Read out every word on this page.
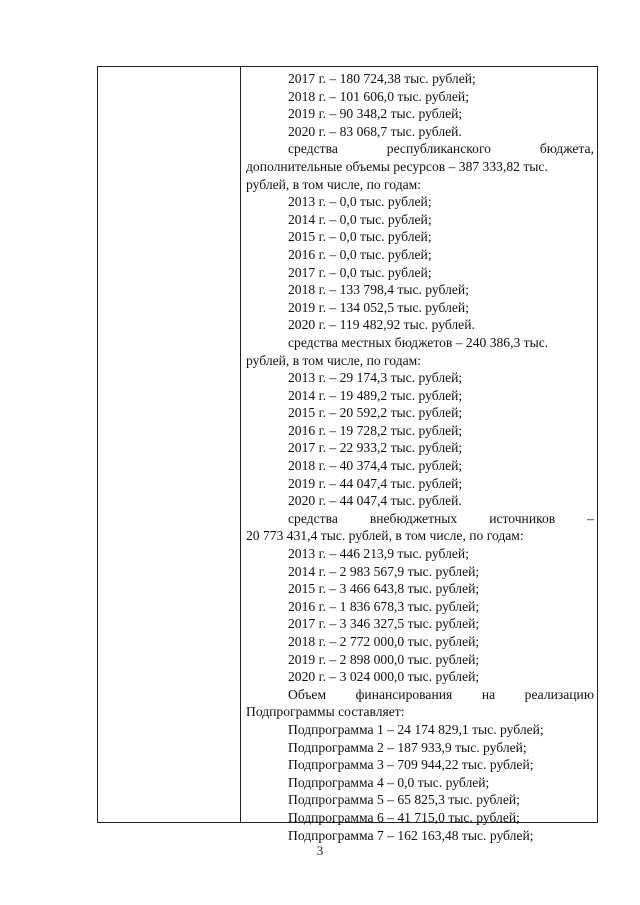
2017 г. – 180 724,38 тыс. рублей;
2018 г. – 101 606,0 тыс. рублей;
2019 г. – 90 348,2 тыс. рублей;
2020 г. – 83 068,7 тыс. рублей.
средства	республиканского	бюджета,
дополнительные объемы ресурсов – 387 333,82 тыс.
рублей, в том числе, по годам:
2013 г. – 0,0 тыс. рублей;
2014 г. – 0,0 тыс. рублей;
2015 г. – 0,0 тыс. рублей;
2016 г. – 0,0 тыс. рублей;
2017 г. – 0,0 тыс. рублей;
2018 г. – 133 798,4 тыс. рублей;
2019 г. – 134 052,5 тыс. рублей;
2020 г. – 119 482,92 тыс. рублей.
средства местных бюджетов – 240 386,3 тыс.
рублей, в том числе, по годам:
2013 г. – 29 174,3 тыс. рублей;
2014 г. – 19 489,2 тыс. рублей;
2015 г. – 20 592,2 тыс. рублей;
2016 г. – 19 728,2 тыс. рублей;
2017 г. – 22 933,2 тыс. рублей;
2018 г. – 40 374,4 тыс. рублей;
2019 г. – 44 047,4 тыс. рублей;
2020 г. – 44 047,4 тыс. рублей.
средства внебюджетных источников –
20 773 431,4 тыс. рублей, в том числе, по годам:
2013 г. – 446 213,9 тыс. рублей;
2014 г. – 2 983 567,9 тыс. рублей;
2015 г. – 3 466 643,8 тыс. рублей;
2016 г. – 1 836 678,3 тыс. рублей;
2017 г. – 3 346 327,5 тыс. рублей;
2018 г. – 2 772 000,0 тыс. рублей;
2019 г. – 2 898 000,0 тыс. рублей;
2020 г. – 3 024 000,0 тыс. рублей;
Объем финансирования на реализацию
Подпрограммы составляет:
Подпрограмма 1 – 24 174 829,1 тыс. рублей;
Подпрограмма 2 – 187 933,9 тыс. рублей;
Подпрограмма 3 – 709 944,22 тыс. рублей;
Подпрограмма 4 – 0,0 тыс. рублей;
Подпрограмма 5 – 65 825,3 тыс. рублей;
Подпрограмма 6 – 41 715,0 тыс. рублей;
Подпрограмма 7 – 162 163,48 тыс. рублей;
3
